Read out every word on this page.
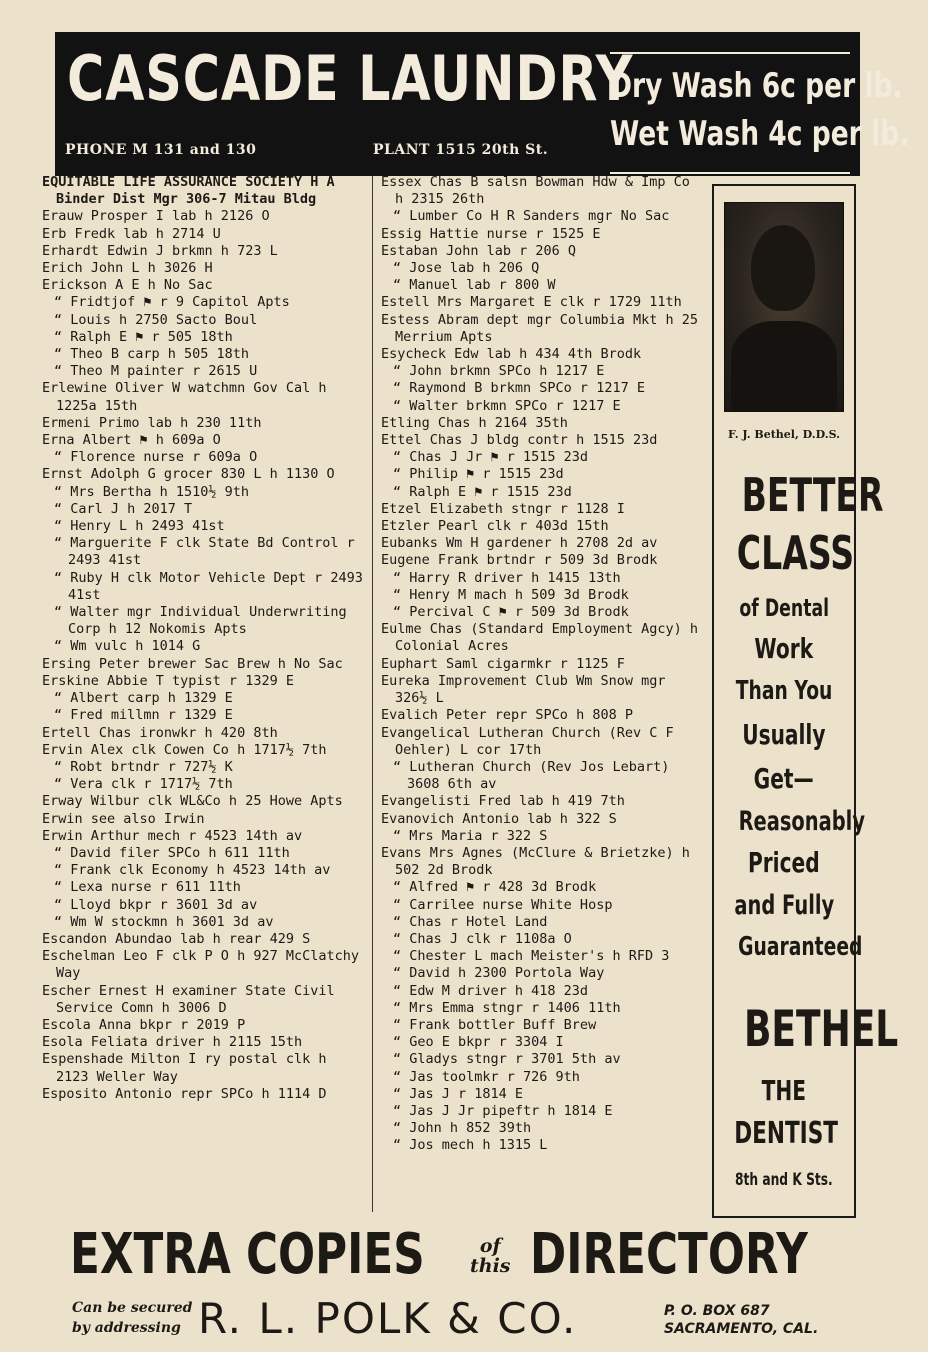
CASCADE LAUNDRY
PHONE M 131 and 130	PLANT 1515 20th St.
Dry Wash 6c per lb.
Wet Wash 4c per lb.
EQUITABLE LIFE ASSURANCE SOCIETY H A Binder Dist Mgr 306-7 Mitau Bldg
Erauw Prosper I lab h 2126 O
Erb Fredk lab h 2714 U
Erhardt Edwin J brkmn h 723 L
Erich John L h 3026 H
Erickson A E h No Sac
“ Fridtjof ⚑ r 9 Capitol Apts
“ Louis h 2750 Sacto Boul
“ Ralph E ⚑ r 505 18th
“ Theo B carp h 505 18th
“ Theo M painter r 2615 U
Erlewine Oliver W watchmn Gov Cal h 1225a 15th
Ermeni Primo lab h 230 11th
Erna Albert ⚑ h 609a O
“ Florence nurse r 609a O
Ernst Adolph G grocer 830 L h 1130 O
“ Mrs Bertha h 1510½ 9th
“ Carl J h 2017 T
“ Henry L h 2493 41st
“ Marguerite F clk State Bd Control r 2493 41st
“ Ruby H clk Motor Vehicle Dept r 2493 41st
“ Walter mgr Individual Underwriting Corp h 12 Nokomis Apts
“ Wm vulc h 1014 G
Ersing Peter brewer Sac Brew h No Sac
Erskine Abbie T typist r 1329 E
“ Albert carp h 1329 E
“ Fred millmn r 1329 E
Ertell Chas ironwkr h 420 8th
Ervin Alex clk Cowen Co h 1717½ 7th
“ Robt brtndr r 727½ K
“ Vera clk r 1717½ 7th
Erway Wilbur clk WL&Co h 25 Howe Apts
Erwin see also Irwin
Erwin Arthur mech r 4523 14th av
“ David filer SPCo h 611 11th
“ Frank clk Economy h 4523 14th av
“ Lexa nurse r 611 11th
“ Lloyd bkpr r 3601 3d av
“ Wm W stockmn h 3601 3d av
Escandon Abundao lab h rear 429 S
Eschelman Leo F clk P O h 927 McClatchy Way
Escher Ernest H examiner State Civil Service Comn h 3006 D
Escola Anna bkpr r 2019 P
Esola Feliata driver h 2115 15th
Espenshade Milton I ry postal clk h 2123 Weller Way
Esposito Antonio repr SPCo h 1114 D
Essex Chas B salsn Bowman Hdw & Imp Co h 2315 26th
“ Lumber Co H R Sanders mgr No Sac
Essig Hattie nurse r 1525 E
Estaban John lab r 206 Q
“ Jose lab h 206 Q
“ Manuel lab r 800 W
Estell Mrs Margaret E clk r 1729 11th
Estess Abram dept mgr Columbia Mkt h 25 Merrium Apts
Esycheck Edw lab h 434 4th Brodk
“ John brkmn SPCo h 1217 E
“ Raymond B brkmn SPCo r 1217 E
“ Walter brkmn SPCo r 1217 E
Etling Chas h 2164 35th
Ettel Chas J bldg contr h 1515 23d
“ Chas J Jr ⚑ r 1515 23d
“ Philip ⚑ r 1515 23d
“ Ralph E ⚑ r 1515 23d
Etzel Elizabeth stngr r 1128 I
Etzler Pearl clk r 403d 15th
Eubanks Wm H gardener h 2708 2d av
Eugene Frank brtndr r 509 3d Brodk
“ Harry R driver h 1415 13th
“ Henry M mach h 509 3d Brodk
“ Percival C ⚑ r 509 3d Brodk
Eulme Chas (Standard Employment Agcy) h Colonial Acres
Euphart Saml cigarmkr r 1125 F
Eureka Improvement Club Wm Snow mgr 326½ L
Evalich Peter repr SPCo h 808 P
Evangelical Lutheran Church (Rev C F Oehler) L cor 17th
“ Lutheran Church (Rev Jos Lebart) 3608 6th av
Evangelisti Fred lab h 419 7th
Evanovich Antonio lab h 322 S
“ Mrs Maria r 322 S
Evans Mrs Agnes (McClure & Brietzke) h 502 2d Brodk
“ Alfred ⚑ r 428 3d Brodk
“ Carrilee nurse White Hosp
“ Chas r Hotel Land
“ Chas J clk r 1108a O
“ Chester L mach Meister's h RFD 3
“ David h 2300 Portola Way
“ Edw M driver h 418 23d
“ Mrs Emma stngr r 1406 11th
“ Frank bottler Buff Brew
“ Geo E bkpr r 3304 I
“ Gladys stngr r 3701 5th av
“ Jas toolmkr r 726 9th
“ Jas J r 1814 E
“ Jas J Jr pipeftr h 1814 E
“ John h 852 39th
“ Jos mech h 1315 L
F. J. Bethel, D.D.S.
BETTER
CLASS
of Dental
Work
Than You
Usually
Get—
Reasonably
Priced
and Fully
Guaranteed
BETHEL
THE
DENTIST
8th and K Sts.
EXTRA COPIES	of
this DIRECTORY
Can be secured
by addressing R. L. POLK & CO.	P. O. BOX 687
SACRAMENTO, CAL.
